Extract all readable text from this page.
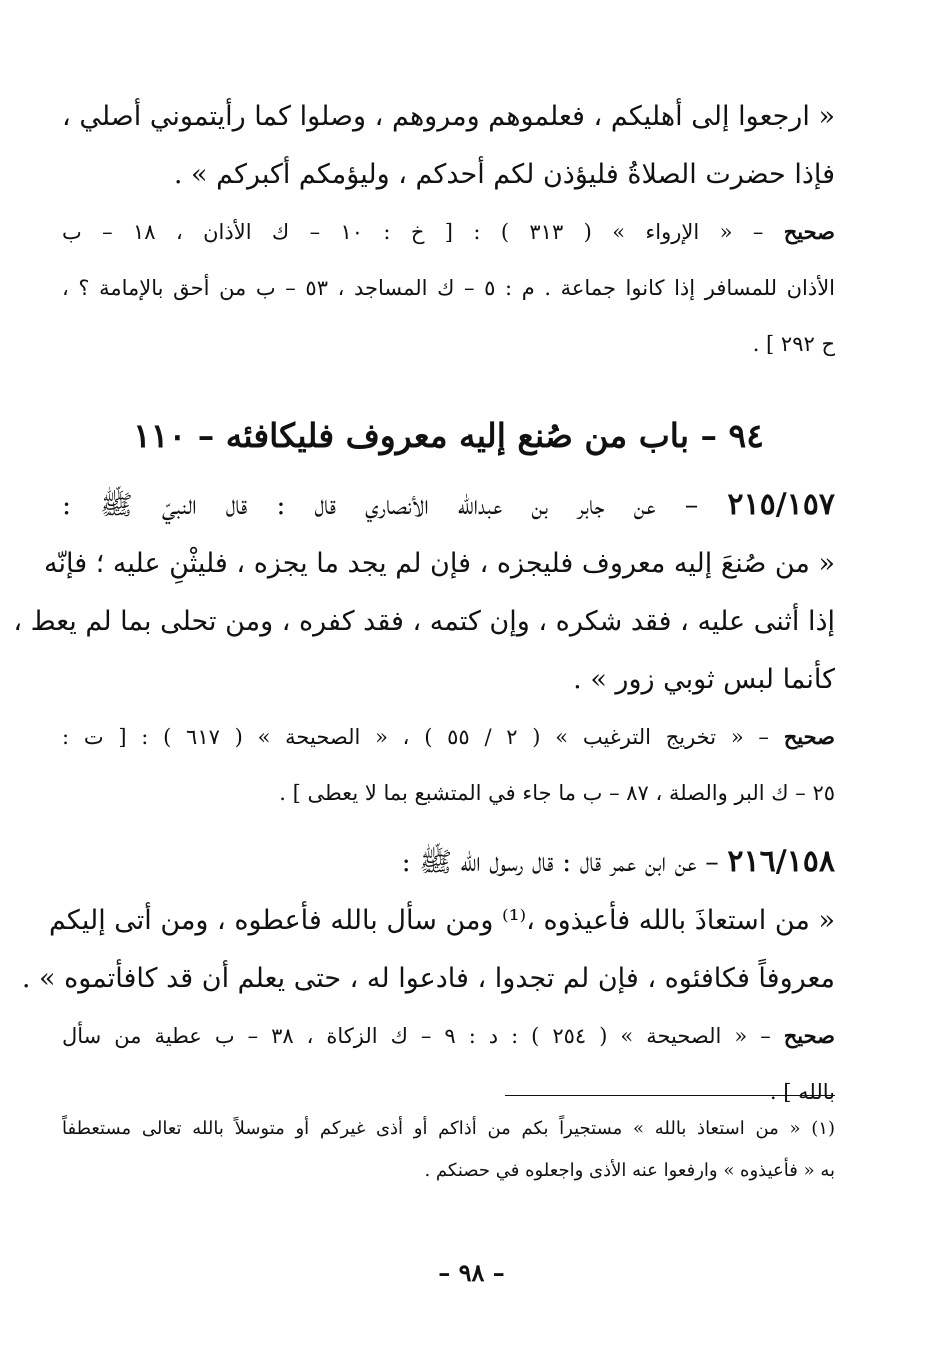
« ارجعوا إلى أهليكم ، فعلموهم ومروهم ، وصلوا كما رأيتموني أصلي ،
فإذا حضرت الصلاةُ فليؤذن لكم أحدكم ، وليؤمكم أكبركم » .
صحيح – « الإرواء » ( ٣١٣ ) : [ خ : ١٠ – ك الأذان ، ١٨ – ب
الأذان للمسافر إذا كانوا جماعة . م : ٥ – ك المساجد ، ٥٣ – ب من أحق بالإمامة ؟ ،
ح ٢٩٢ ] .
٩٤ – باب من صُنع إليه معروف فليكافئه – ١١٠
٢١٥/١٥٧ – عن جابر بن عبدالله الأنصاري قال : قال النبيّ ﷺ :
« من صُنعَ إليه معروف فليجزه ، فإن لم يجد ما يجزه ، فليثْنِ عليه ؛ فإنّه
إذا أثنى عليه ، فقد شكره ، وإن كتمه ، فقد كفره ، ومن تحلى بما لم يعط ،
كأنما لبس ثوبي زور » .
صحيح – « تخريج الترغيب » ( ٢ / ٥٥ ) ، « الصحيحة » ( ٦١٧ ) : [ ت :
٢٥ – ك البر والصلة ، ٨٧ – ب ما جاء في المتشبع بما لا يعطى ] .
٢١٦/١٥٨ – عن ابن عمر قال : قال رسول الله ﷺ :
« من استعاذَ بالله فأعيذوه ،⁽¹⁾ ومن سأل بالله فأعطوه ، ومن أتى إليكم
معروفاً فكافئوه ، فإن لم تجدوا ، فادعوا له ، حتى يعلم أن قد كافأتموه » .
صحيح – « الصحيحة » ( ٢٥٤ ) : د : ٩ – ك الزكاة ، ٣٨ – ب عطية من سأل
بالله ] .
(١) « من استعاذ بالله » مستجيراً بكم من أذاكم أو أذى غيركم أو متوسلاً بالله تعالى مستعطفاً
به « فأعيذوه » وارفعوا عنه الأذى واجعلوه في حصنكم .
– ٩٨ –
